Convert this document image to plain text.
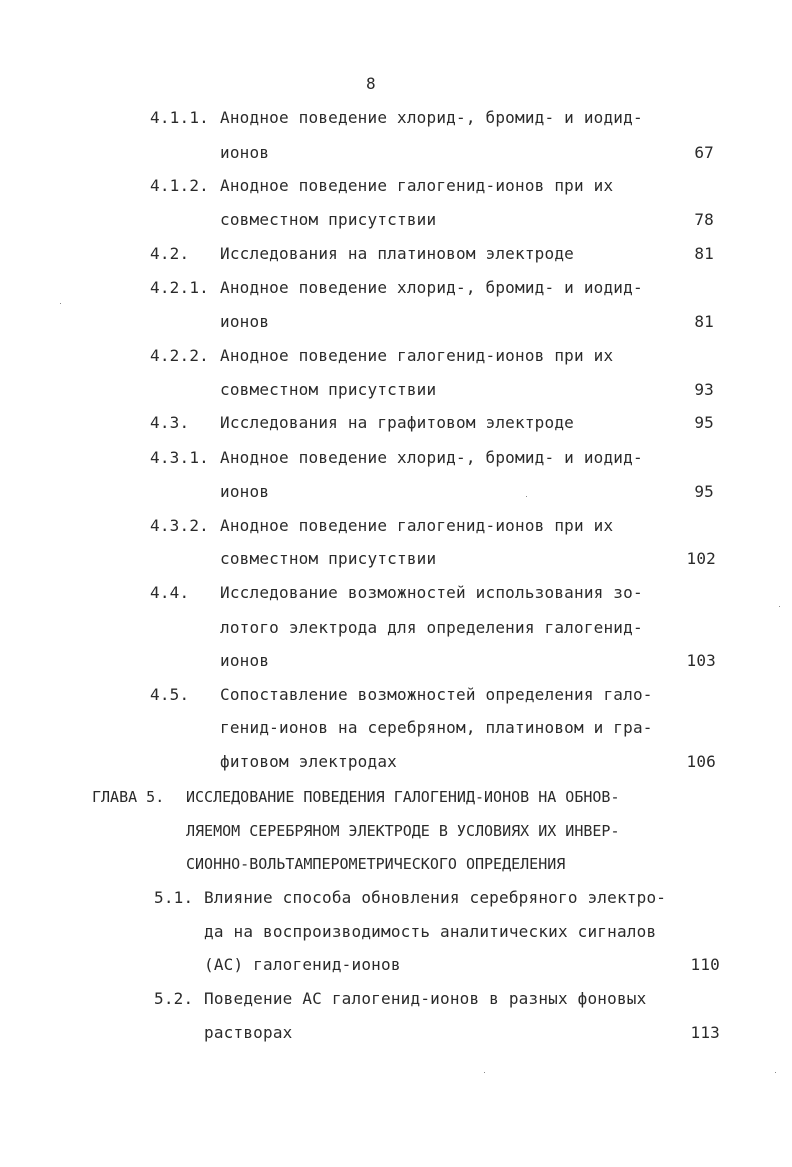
8
4.1.1. Анодное поведение хлорид-, бромид- и иодид-
ионов	67
4.1.2. Анодное поведение галогенид-ионов при их
совместном присутствии	78
4.2. Исследования на платиновом электроде	81
4.2.1. Анодное поведение хлорид-, бромид- и иодид-
ионов	81
4.2.2. Анодное поведение галогенид-ионов при их
совместном присутствии	93
4.3. Исследования на графитовом электроде	95
4.3.1. Анодное поведение хлорид-, бромид- и иодид-
ионов	95
4.3.2. Анодное поведение галогенид-ионов при их
совместном присутствии	102
4.4. Исследование возможностей использования зо-
лотого электрода для определения галогенид-
ионов	103
4.5. Сопоставление возможностей определения гало-
генид-ионов на серебряном, платиновом и гра-
фитовом электродах	106
ГЛАВА 5. ИССЛЕДОВАНИЕ ПОВЕДЕНИЯ ГАЛОГЕНИД-ИОНОВ НА ОБНОВ-
ЛЯЕМОМ СЕРЕБРЯНОМ ЭЛЕКТРОДЕ В УСЛОВИЯХ ИХ ИНВЕР-
СИОННО-ВОЛЬТАМПЕРОМЕТРИЧЕСКОГО ОПРЕДЕЛЕНИЯ
5.1. Влияние способа обновления серебряного электро-
да на воспроизводимость аналитических сигналов
(АС) галогенид-ионов	110
5.2. Поведение АС галогенид-ионов в разных фоновых
растворах	113
